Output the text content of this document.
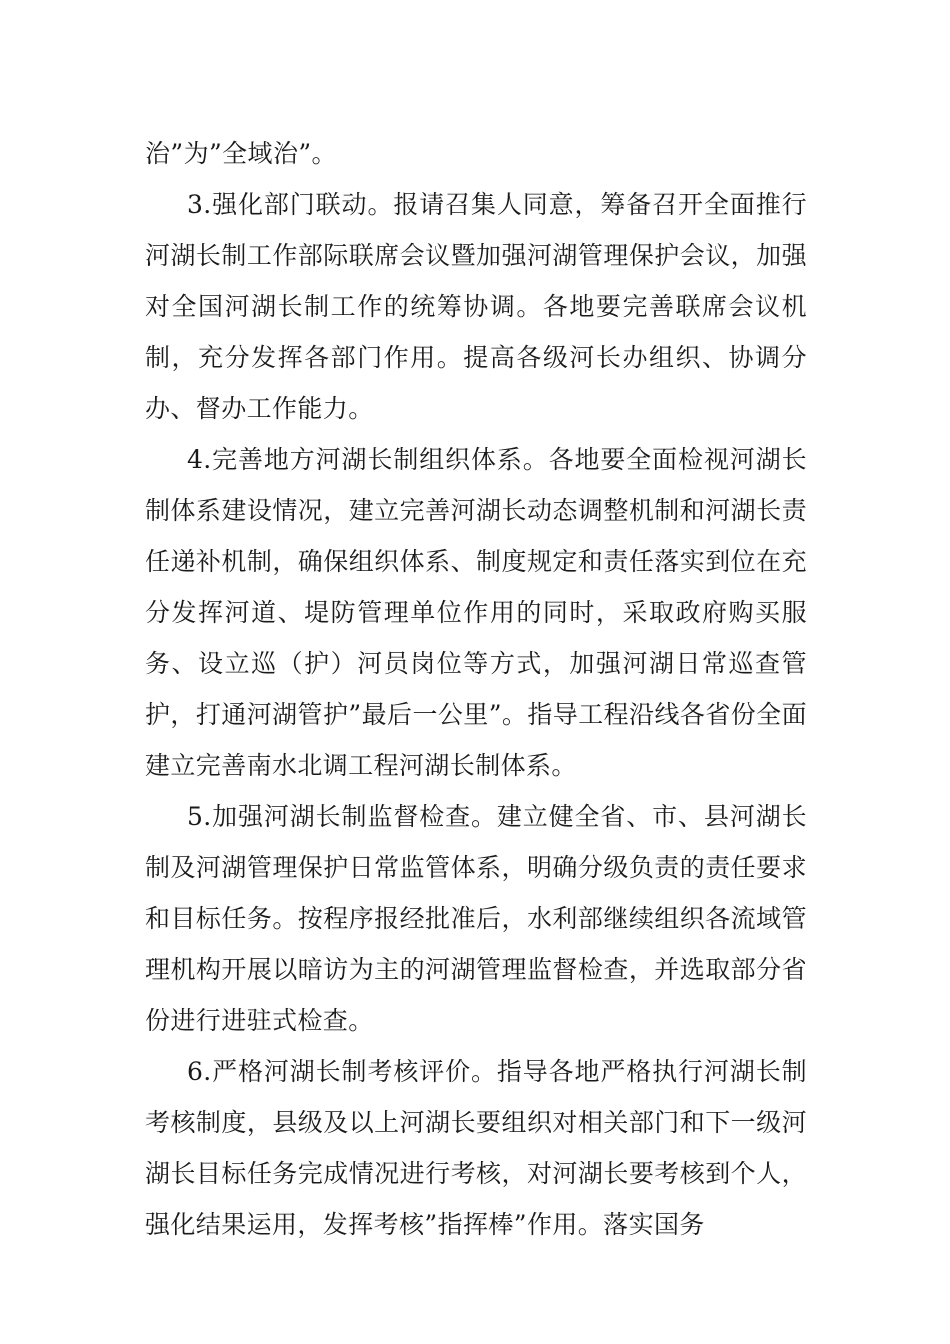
治”为”全域治”。

3.强化部门联动。报请召集人同意，筹备召开全面推行河湖长制工作部际联席会议暨加强河湖管理保护会议，加强对全国河湖长制工作的统筹协调。各地要完善联席会议机制，充分发挥各部门作用。提高各级河长办组织、协调分办、督办工作能力。

4.完善地方河湖长制组织体系。各地要全面检视河湖长制体系建设情况，建立完善河湖长动态调整机制和河湖长责任递补机制，确保组织体系、制度规定和责任落实到位在充分发挥河道、堤防管理单位作用的同时，采取政府购买服务、设立巡（护）河员岗位等方式，加强河湖日常巡查管护，打通河湖管护”最后一公里”。指导工程沿线各省份全面建立完善南水北调工程河湖长制体系。

5.加强河湖长制监督检查。建立健全省、市、县河湖长制及河湖管理保护日常监管体系，明确分级负责的责任要求和目标任务。按程序报经批准后，水利部继续组织各流域管理机构开展以暗访为主的河湖管理监督检查，并选取部分省份进行进驻式检查。

6.严格河湖长制考核评价。指导各地严格执行河湖长制考核制度，县级及以上河湖长要组织对相关部门和下一级河湖长目标任务完成情况进行考核，对河湖长要考核到个人，强化结果运用，发挥考核”指挥棒”作用。落实国务
